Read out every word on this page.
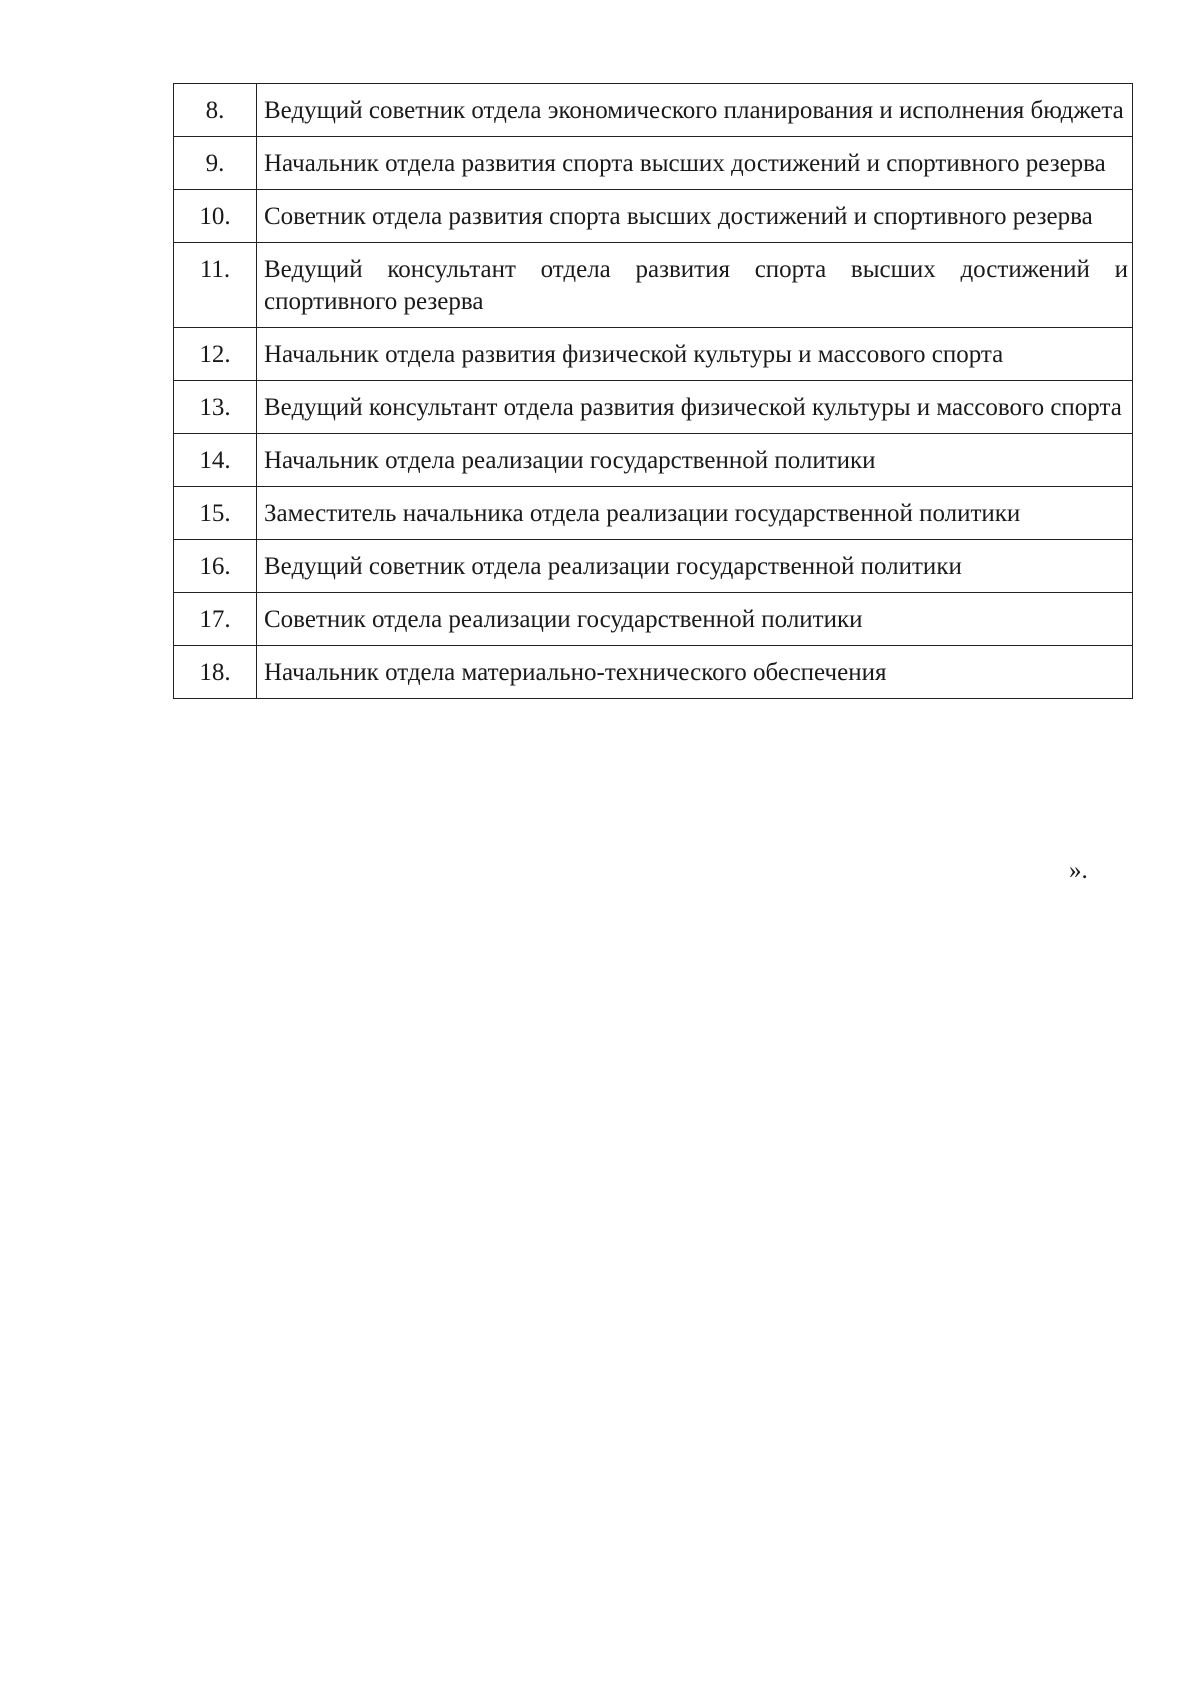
8.	Ведущий советник отдела экономического планирования и исполнения бюджета
9.	Начальник отдела развития спорта высших достижений и спортивного резерва
10.	Советник отдела развития спорта высших достижений и спортивного резерва
11.	Ведущий консультант отдела развития спорта высших достижений и спортивного резерва
12.	Начальник отдела развития физической культуры и массового спорта
13.	Ведущий консультант отдела развития физической культуры и массового спорта
14.	Начальник отдела реализации государственной политики
15.	Заместитель начальника отдела реализации государственной политики
16.	Ведущий советник отдела реализации государственной политики
17.	Советник отдела реализации государственной политики
18.	Начальник отдела материально-технического обеспечения
».
